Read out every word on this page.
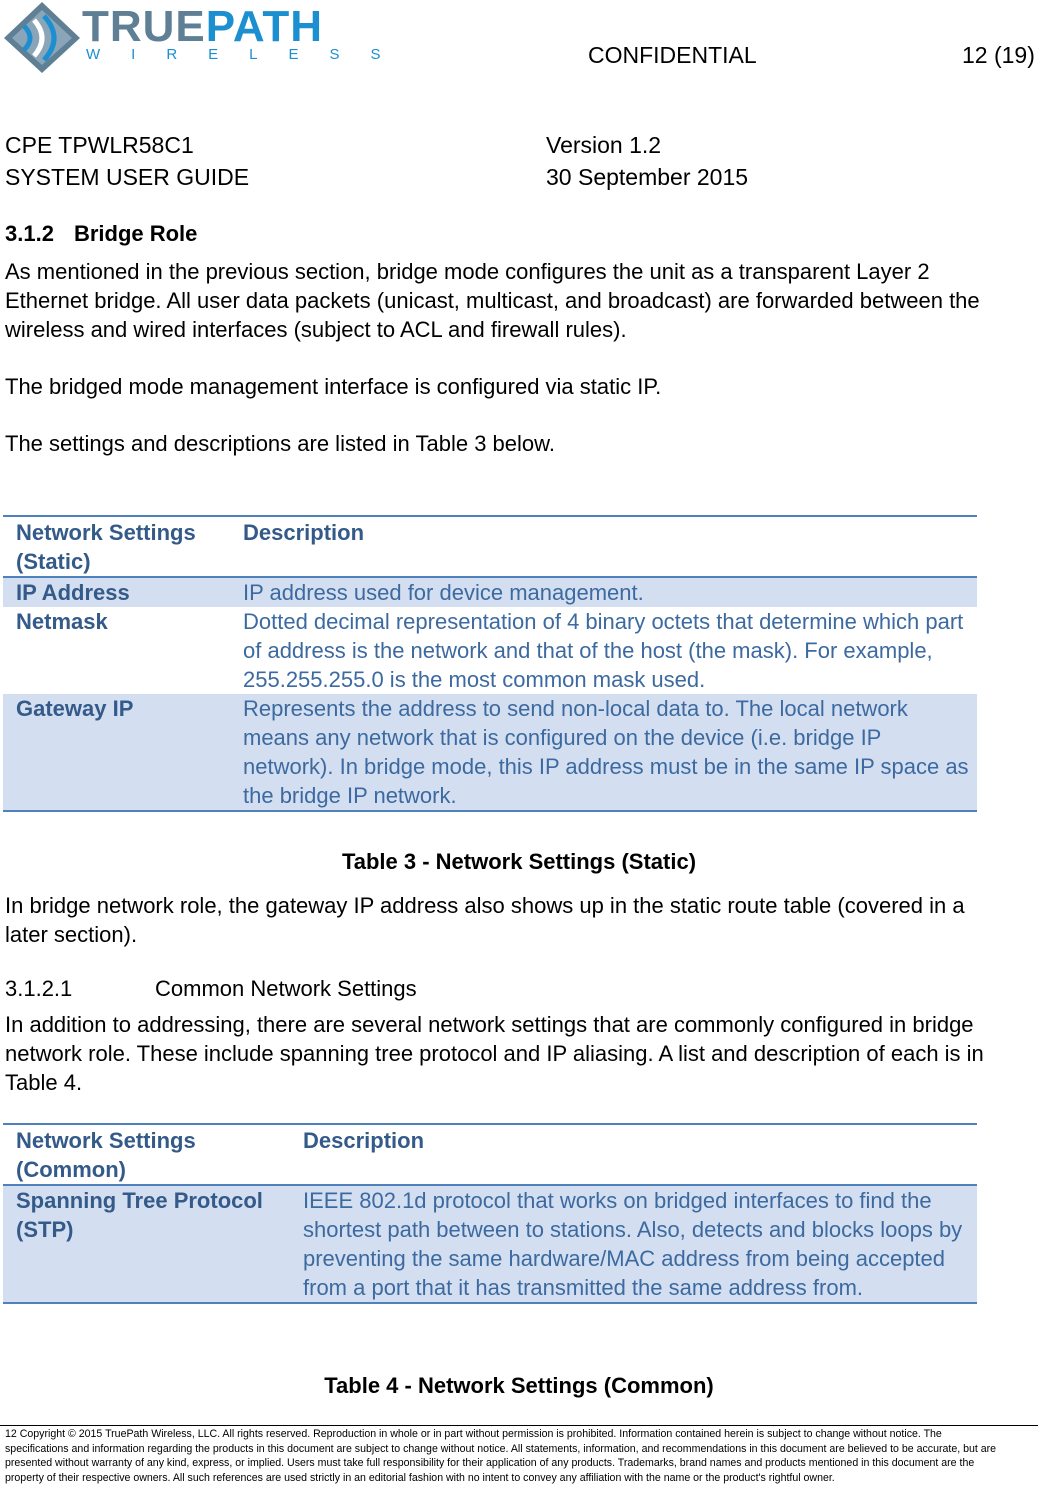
TRUEPATH
WIRELESS	CONFIDENTIAL	12 (19)
CPE TPWLR58C1
SYSTEM USER GUIDE
Version 1.2
30 September 2015
3.1.2 Bridge Role
As mentioned in the previous section, bridge mode configures the unit as a transparent Layer 2 Ethernet bridge. All user data packets (unicast, multicast, and broadcast) are forwarded between the wireless and wired interfaces (subject to ACL and firewall rules).
The bridged mode management interface is configured via static IP.
The settings and descriptions are listed in Table 3 below.
Network Settings (Static)	Description
IP Address	IP address used for device management.
Netmask	Dotted decimal representation of 4 binary octets that determine which part of address is the network and that of the host (the mask). For example, 255.255.255.0 is the most common mask used.
Gateway IP	Represents the address to send non-local data to. The local network means any network that is configured on the device (i.e. bridge IP network). In bridge mode, this IP address must be in the same IP space as the bridge IP network.
Table 3 - Network Settings (Static)
In bridge network role, the gateway IP address also shows up in the static route table (covered in a later section).
3.1.2.1	Common Network Settings
In addition to addressing, there are several network settings that are commonly configured in bridge network role. These include spanning tree protocol and IP aliasing. A list and description of each is in Table 4.
Network Settings (Common)	Description
Spanning Tree Protocol (STP)	IEEE 802.1d protocol that works on bridged interfaces to find the shortest path between to stations. Also, detects and blocks loops by preventing the same hardware/MAC address from being accepted from a port that it has transmitted the same address from.
Table 4 - Network Settings (Common)
12 Copyright © 2015 TruePath Wireless, LLC. All rights reserved. Reproduction in whole or in part without permission is prohibited. Information contained herein is subject to change without notice. The specifications and information regarding the products in this document are subject to change without notice. All statements, information, and recommendations in this document are believed to be accurate, but are presented without warranty of any kind, express, or implied. Users must take full responsibility for their application of any products. Trademarks, brand names and products mentioned in this document are the property of their respective owners. All such references are used strictly in an editorial fashion with no intent to convey any affiliation with the name or the product's rightful owner.
